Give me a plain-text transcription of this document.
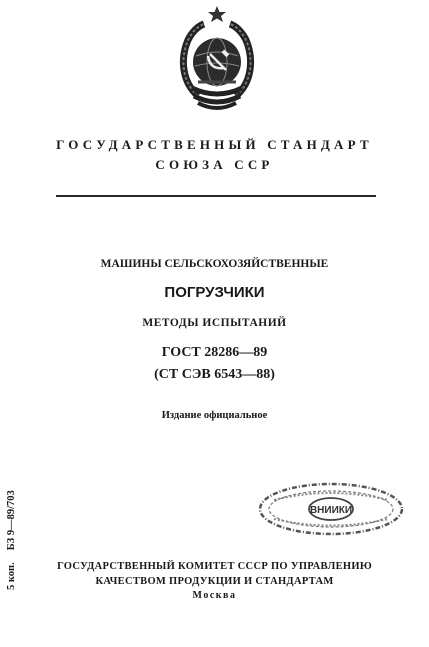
ГОСУДАРСТВЕННЫЙ СТАНДАРТ
СОЮЗА ССР
МАШИНЫ СЕЛЬСКОХОЗЯЙСТВЕННЫЕ
ПОГРУЗЧИКИ
МЕТОДЫ ИСПЫТАНИЙ
ГОСТ 28286—89
(СТ СЭВ 6543—88)
Издание официальное
ВНИИКИ
5 коп.БЗ 9—89/703
ГОСУДАРСТВЕННЫЙ КОМИТЕТ СССР ПО УПРАВЛЕНИЮ
КАЧЕСТВОМ ПРОДУКЦИИ И СТАНДАРТАМ
Москва
